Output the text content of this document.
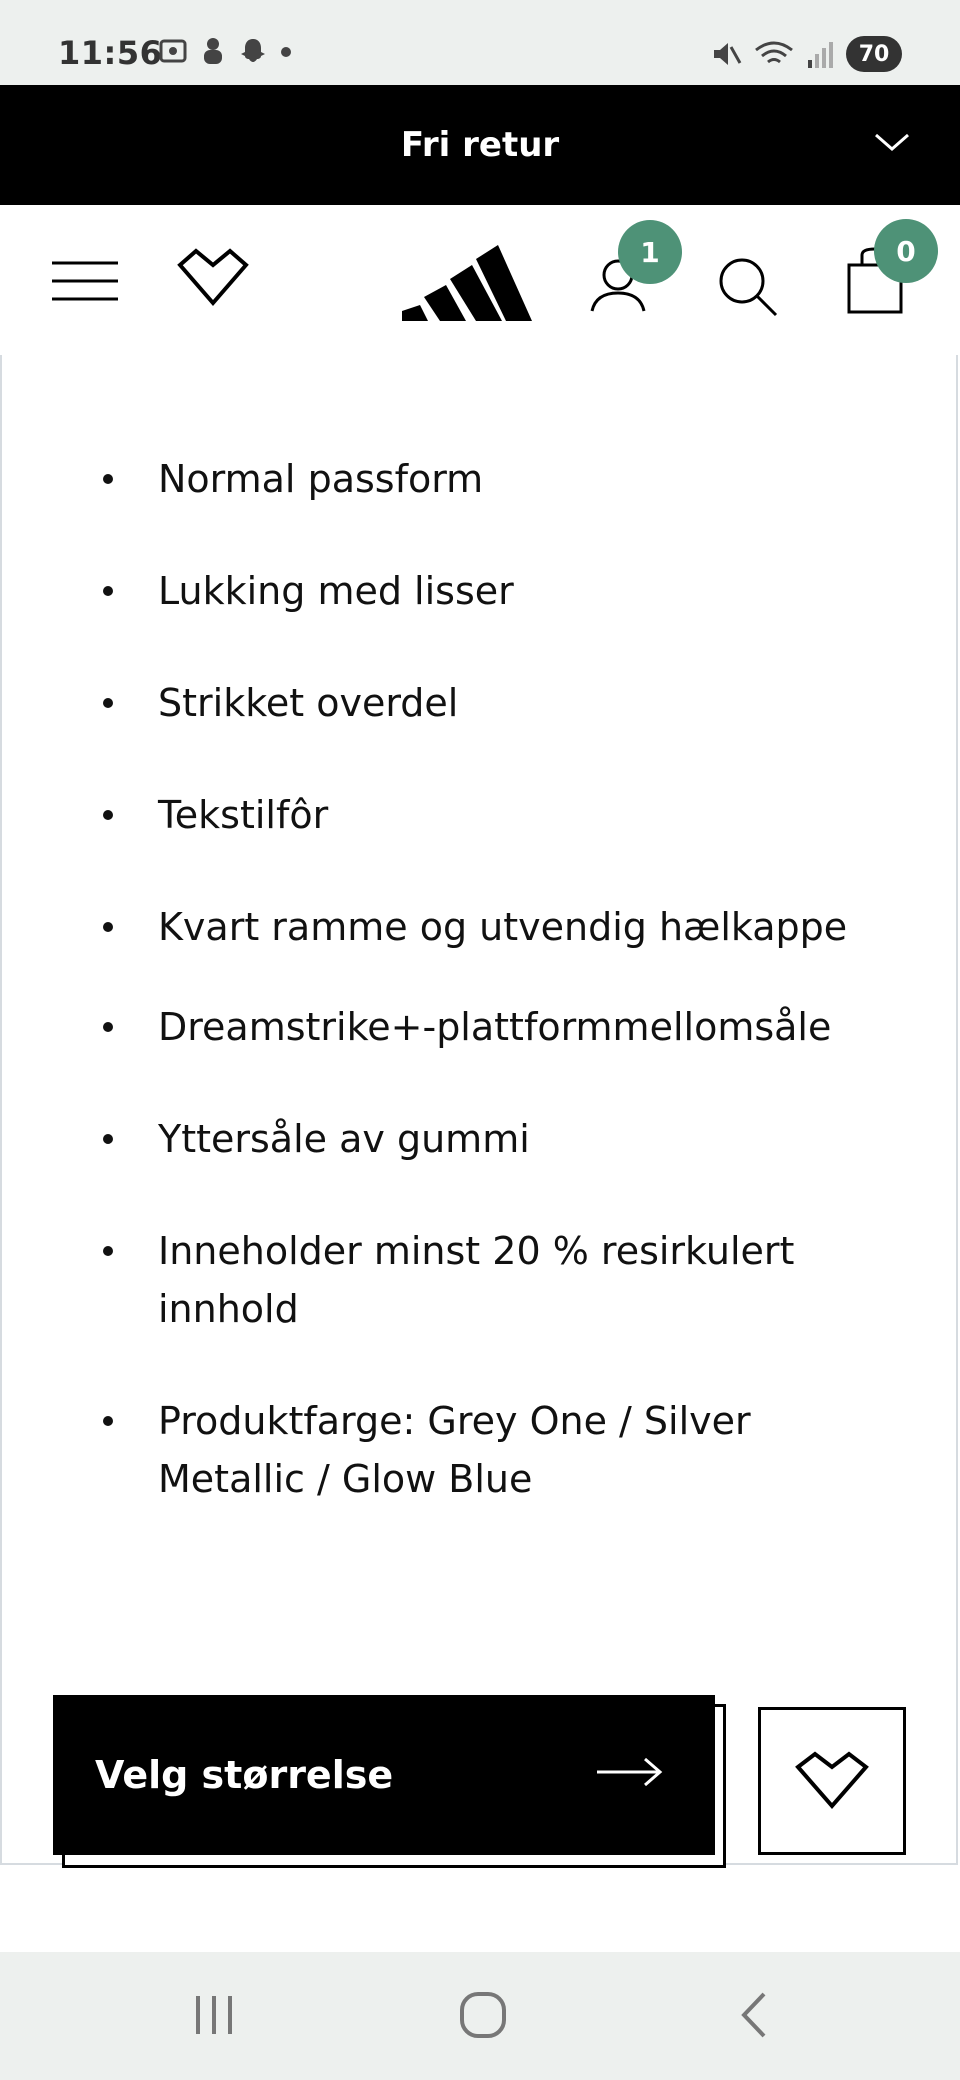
11:56	70
Fri retur
1	0
Normal passform
Lukking med lisser
Strikket overdel
Tekstilfôr
Kvart ramme og utvendig hælkappe
Dreamstrike+-plattformmellomsåle
Yttersåle av gummi
Inneholder minst 20 % resirkulert innhold
Produktfarge: Grey One / Silver Metallic / Glow Blue
Velg størrelse
